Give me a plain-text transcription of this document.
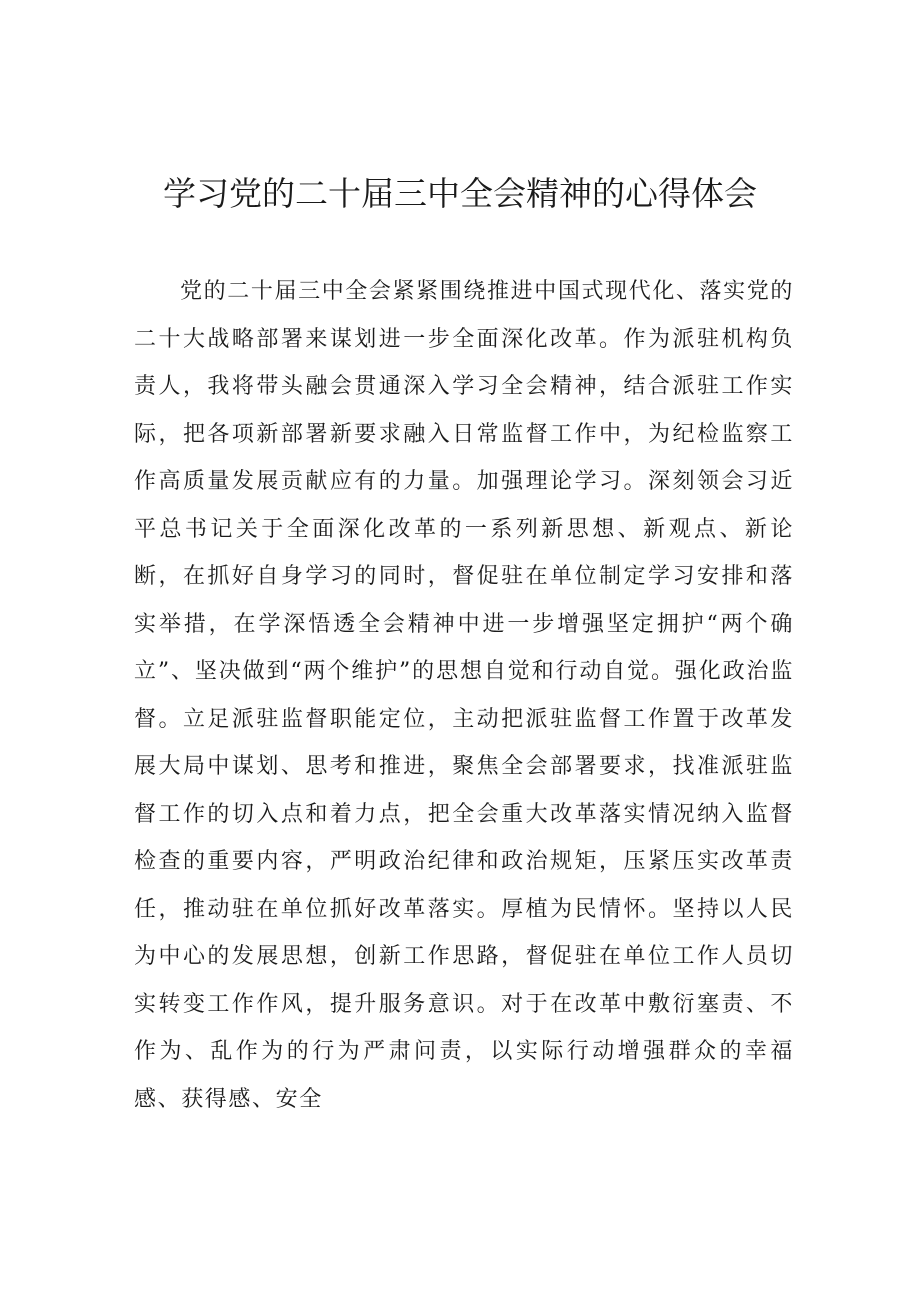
学习党的二十届三中全会精神的心得体会

党的二十届三中全会紧紧围绕推进中国式现代化、落实党的二十大战略部署来谋划进一步全面深化改革。作为派驻机构负责人，我将带头融会贯通深入学习全会精神，结合派驻工作实际，把各项新部署新要求融入日常监督工作中，为纪检监察工作高质量发展贡献应有的力量。加强理论学习。深刻领会习近平总书记关于全面深化改革的一系列新思想、新观点、新论断，在抓好自身学习的同时，督促驻在单位制定学习安排和落实举措，在学深悟透全会精神中进一步增强坚定拥护“两个确立”、坚决做到“两个维护”的思想自觉和行动自觉。强化政治监督。立足派驻监督职能定位，主动把派驻监督工作置于改革发展大局中谋划、思考和推进，聚焦全会部署要求，找准派驻监督工作的切入点和着力点，把全会重大改革落实情况纳入监督检查的重要内容，严明政治纪律和政治规矩，压紧压实改革责任，推动驻在单位抓好改革落实。厚植为民情怀。坚持以人民为中心的发展思想，创新工作思路，督促驻在单位工作人员切实转变工作作风，提升服务意识。对于在改革中敷衍塞责、不作为、乱作为的行为严肃问责，以实际行动增强群众的幸福感、获得感、安全
